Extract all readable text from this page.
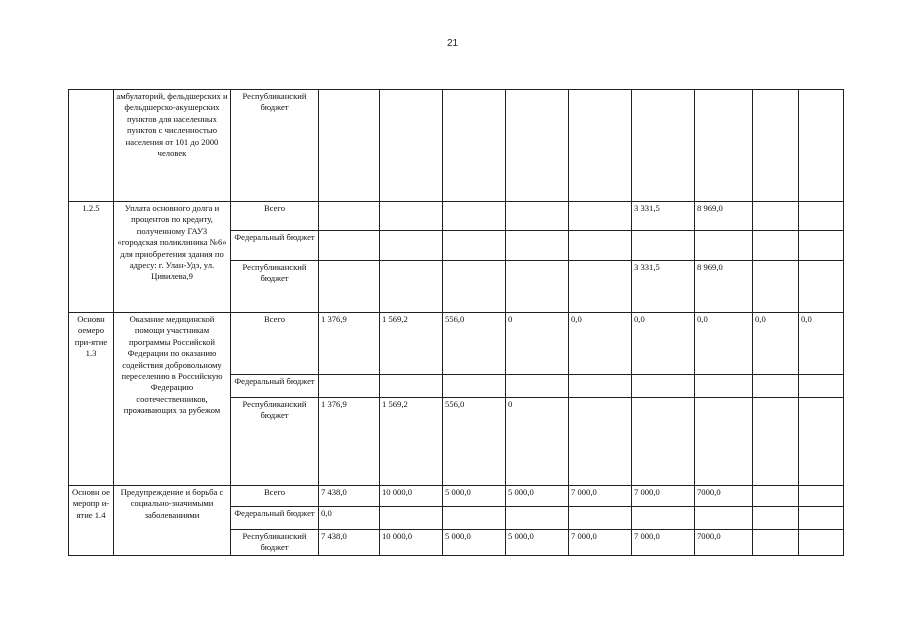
21
	амбулаторий, фельдшерских и фельдшерско-акушерских пунктов для населенных пунктов с численностью населения от 101 до 2000 человек	Республиканский бюджет									
1.2.5	Уплата основного долга и процентов по кредиту, полученному ГАУЗ «городская поликлиника №6» для приобретения здания по адресу: г. Улан-Удэ, ул. Цивилева,9	Всего						3 331,5	8 969,0		
		Федеральный бюджет									
		Республиканский бюджет						3 331,5	8 969,0		
Основн оемеро при-ятие 1.3	Оказание медицинской помощи участникам программы Российской Федерации по оказанию содействия добровольному переселению в Российскую Федерацию соотечественников, проживающих за рубежом	Всего	1 376,9	1 569,2	556,0	0	0,0	0,0	0,0	0,0	0,0
		Федеральный бюджет									
		Республиканский бюджет	1 376,9	1 569,2	556,0	0					
Основн ое меропр и-ятие 1.4	Предупреждение и борьба с социально-значимыми заболеваниями	Всего	7 438,0	10 000,0	5 000,0	5 000,0	7 000,0	7 000,0	7000,0		
		Федеральный бюджет	0,0								
		Республиканский бюджет	7 438,0	10 000,0	5 000,0	5 000,0	7 000,0	7 000,0	7000,0		
